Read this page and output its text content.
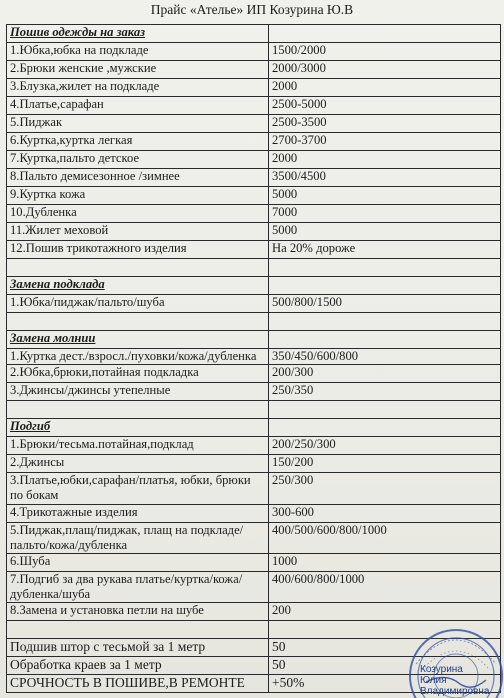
Прайс «Ателье» ИП Козурина Ю.В
Пошив одежды на заказ	
1.Юбка,юбка на подкладе	1500/2000
2.Брюки женские ,мужские	2000/3000
3.Блузка,жилет на подкладе	2000
4.Платье,сарафан	2500-5000
5.Пиджак	2500-3500
6.Куртка,куртка легкая	2700-3700
7.Куртка,пальто детское	2000
8.Пальто демисезонное /зимнее	3500/4500
9.Куртка кожа	5000
10.Дубленка	7000
11.Жилет меховой	5000
12.Пошив трикотажного изделия	На 20% дороже

Замена подклада	
1.Юбка/пиджак/пальто/шуба	500/800/1500

Замена молнии	
1.Куртка дест./взросл./пуховки/кожа/дубленка	350/450/600/800
2.Юбка,брюки,потайная подкладка	200/300
3.Джинсы/джинсы утепелные	250/350

Подгиб	
1.Брюки/тесьма.потайная,подклад	200/250/300
2.Джинсы	150/200
3.Платье,юбки,сарафан/платья, юбки, брюки по бокам	250/300
4.Трикотажные изделия	300-600
5.Пиджак,плащ/пиджак, плащ на подкладе/пальто/кожа/дубленка	400/500/600/800/1000
6.Шуба	1000
7.Подгиб за два рукава платье/куртка/кожа/дубленка/шуба	400/600/800/1000
8.Замена и установка петли на шубе	200

Подшив штор с тесьмой за 1 метр	50
Обработка краев за 1 метр	50
СРОЧНОСТЬ В ПОШИВЕ,В РЕМОНТЕ	+50%
Козурина
Юлия
Владимировна
